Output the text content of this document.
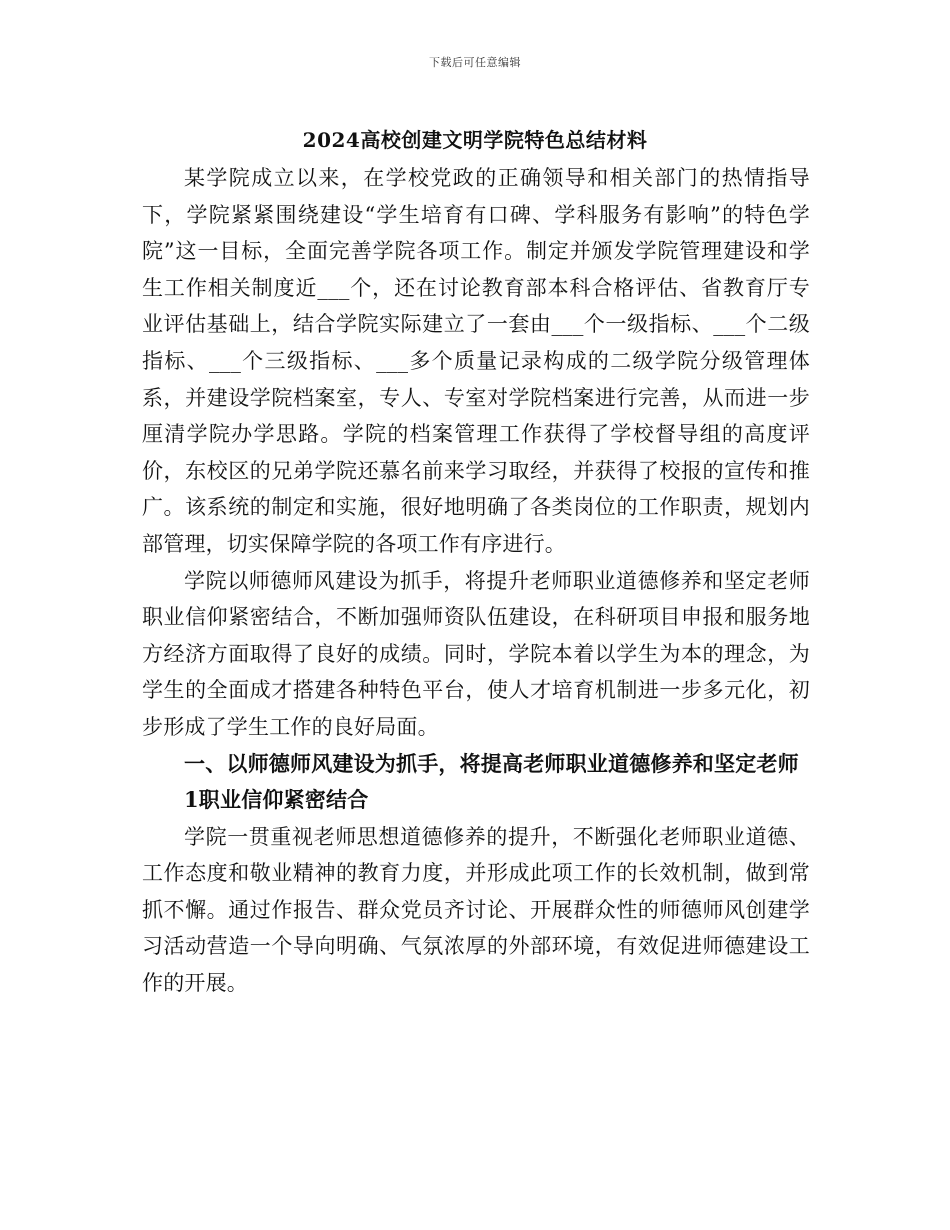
下载后可任意编辑
2024高校创建文明学院特色总结材料

某学院成立以来，在学校党政的正确领导和相关部门的热情指导下，学院紧紧围绕建设“学生培育有口碑、学科服务有影响”的特色学院”这一目标，全面完善学院各项工作。制定并颁发学院管理建设和学生工作相关制度近___个，还在讨论教育部本科合格评估、省教育厅专业评估基础上，结合学院实际建立了一套由___个一级指标、___个二级指标、___个三级指标、___多个质量记录构成的二级学院分级管理体系，并建设学院档案室，专人、专室对学院档案进行完善，从而进一步厘清学院办学思路。学院的档案管理工作获得了学校督导组的高度评价，东校区的兄弟学院还慕名前来学习取经，并获得了校报的宣传和推广。该系统的制定和实施，很好地明确了各类岗位的工作职责，规划内部管理，切实保障学院的各项工作有序进行。

学院以师德师风建设为抓手，将提升老师职业道德修养和坚定老师职业信仰紧密结合，不断加强师资队伍建设，在科研项目申报和服务地方经济方面取得了良好的成绩。同时，学院本着以学生为本的理念，为学生的全面成才搭建各种特色平台，使人才培育机制进一步多元化，初步形成了学生工作的良好局面。

一、以师德师风建设为抓手，将提高老师职业道德修养和坚定老师

1职业信仰紧密结合

学院一贯重视老师思想道德修养的提升，不断强化老师职业道德、工作态度和敬业精神的教育力度，并形成此项工作的长效机制，做到常抓不懈。通过作报告、群众党员齐讨论、开展群众性的师德师风创建学习活动营造一个导向明确、气氛浓厚的外部环境，有效促进师德建设工作的开展。
